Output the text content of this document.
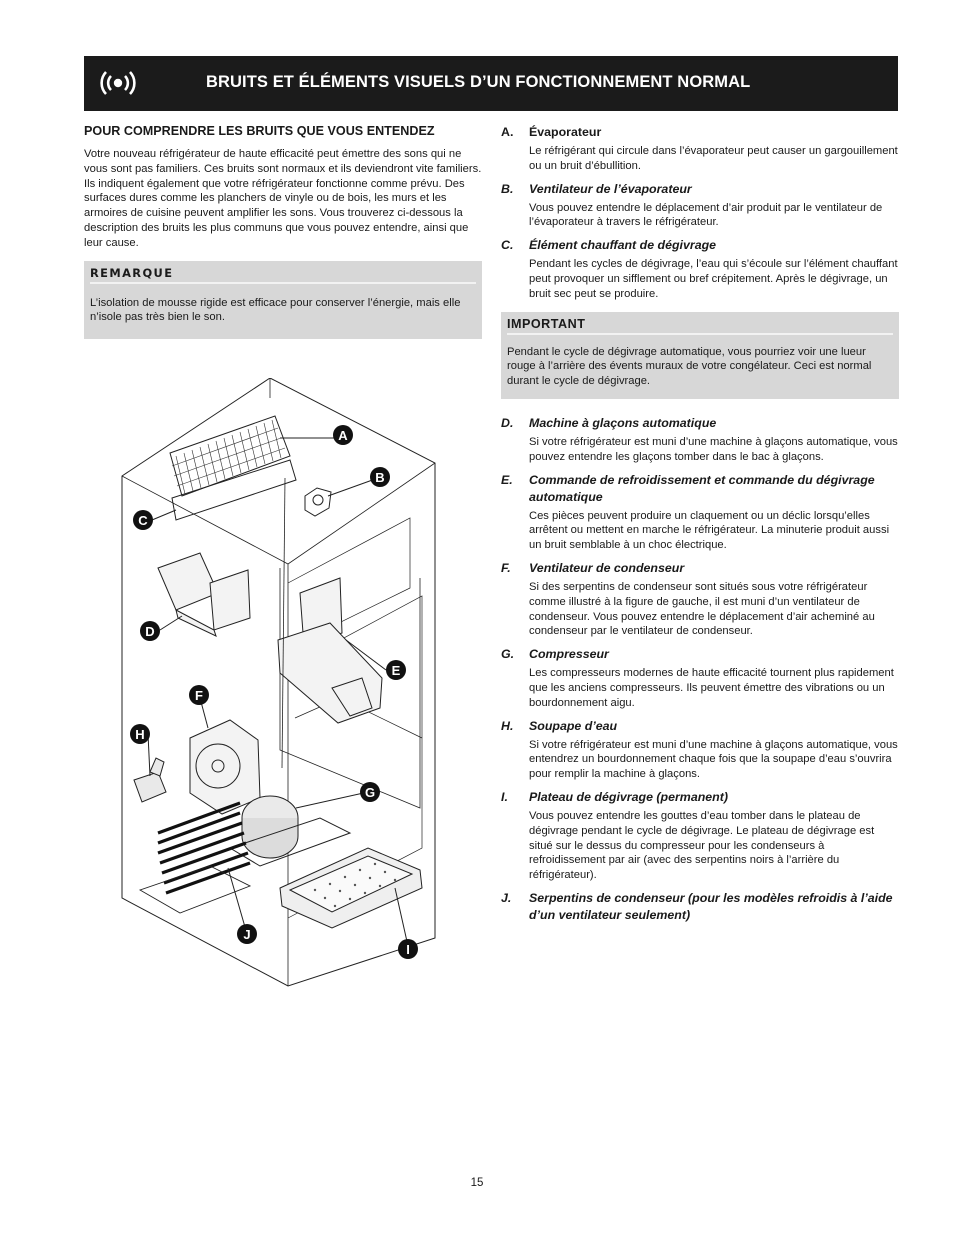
BRUITS ET ÉLÉMENTS VISUELS D’UN FONCTIONNEMENT NORMAL
POUR COMPRENDRE LES BRUITS QUE VOUS ENTENDEZ

Votre nouveau réfrigérateur de haute efficacité peut émettre des sons qui ne vous sont pas familiers. Ces bruits sont normaux et ils deviendront vite familiers. Ils indiquent également que votre réfrigérateur fonctionne comme prévu. Des surfaces dures comme les planchers de vinyle ou de bois, les murs et les armoires de cuisine peuvent amplifier les sons. Vous trouverez ci-dessous la description des bruits les plus communs que vous pouvez entendre, ainsi que leur cause.

REMARQUE

L’isolation de mousse rigide est efficace pour conserver l’énergie, mais elle n’isole pas très bien le son.

A
B
C
D
E
F
G
H
I
J
A.	Évaporateur
Le réfrigérant qui circule dans l’évaporateur peut causer un gargouillement ou un bruit d’ébullition.
B.	Ventilateur de l’évaporateur
Vous pouvez entendre le déplacement d’air produit par le ventilateur de l’évaporateur à travers le réfrigérateur.
C.	Élément chauffant de dégivrage
Pendant les cycles de dégivrage, l’eau qui s’écoule sur l’élément chauffant peut provoquer un sifflement ou bref crépitement. Après le dégivrage, un bruit sec peut se produire.
IMPORTANT
Pendant le cycle de dégivrage automatique, vous pourriez voir une lueur rouge à l’arrière des évents muraux de votre congélateur. Ceci est normal durant le cycle de dégivrage.
D.	Machine à glaçons automatique
Si votre réfrigérateur est muni d’une machine à glaçons automatique, vous pouvez entendre les glaçons tomber dans le bac à glaçons.
E.	Commande de refroidissement et commande du dégivrage automatique
Ces pièces peuvent produire un claquement ou un déclic lorsqu’elles arrêtent ou mettent en marche le réfrigérateur. La minuterie produit aussi un bruit semblable à un choc électrique.
F.	Ventilateur de condenseur
Si des serpentins de condenseur sont situés sous votre réfrigérateur comme illustré à la figure de gauche, il est muni d’un ventilateur de condenseur. Vous pouvez entendre le déplacement d’air acheminé au condenseur par le ventilateur de condenseur.
G.	Compresseur
Les compresseurs modernes de haute efficacité tournent plus rapidement que les anciens compresseurs. Ils peuvent émettre des vibrations ou un bourdonnement aigu.
H.	Soupape d’eau
Si votre réfrigérateur est muni d’une machine à glaçons automatique, vous entendrez un bourdonnement chaque fois que la soupape d’eau s’ouvrira pour remplir la machine à glaçons.
I.	Plateau de dégivrage (permanent)
Vous pouvez entendre les gouttes d’eau tomber dans le plateau de dégivrage pendant le cycle de dégivrage. Le plateau de dégivrage est situé sur le dessus du compresseur pour les condenseurs à refroidissement par air (avec des serpentins noirs à l’arrière du réfrigérateur).
J.	Serpentins de condenseur (pour les modèles refroidis à l’aide d’un ventilateur seulement)
15
